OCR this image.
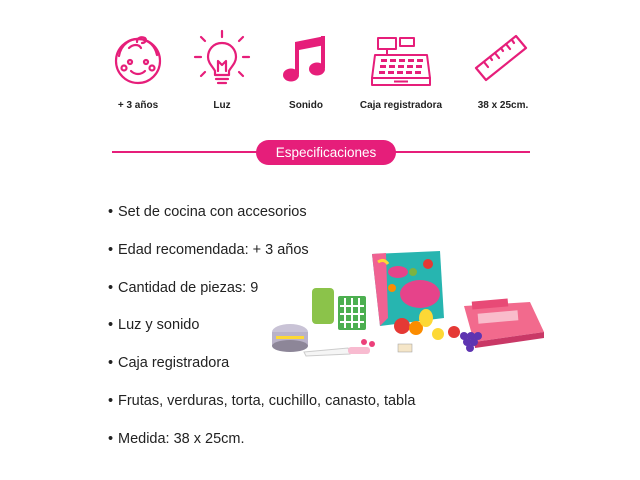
+ 3 años	Luz	Sonido	Caja registradora	38 x 25cm.
Especificaciones
• Set de cocina con accesorios
• Edad recomendada: + 3 años
• Cantidad de piezas: 9
• Luz y sonido
• Caja registradora
• Frutas, verduras, torta, cuchillo, canasto, tabla
• Medida: 38 x 25cm.
